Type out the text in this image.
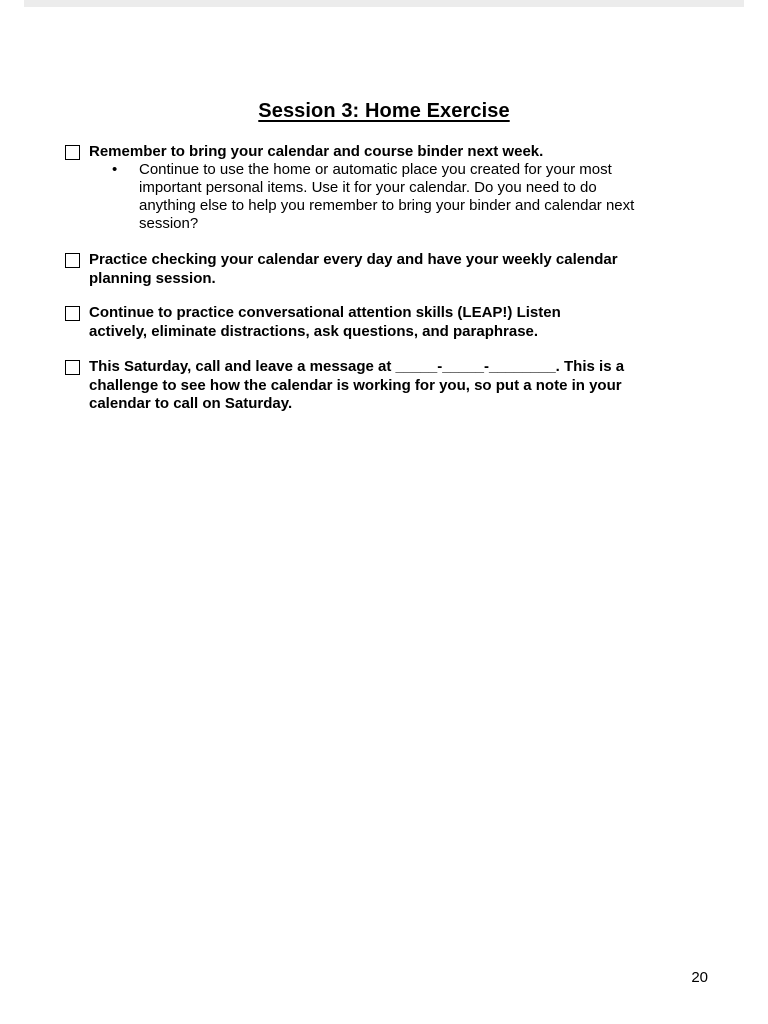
Session 3: Home Exercise
Remember to bring your calendar and course binder next week.
• Continue to use the home or automatic place you created for your most
important personal items. Use it for your calendar. Do you need to do
anything else to help you remember to bring your binder and calendar next
session?
Practice checking your calendar every day and have your weekly calendar
planning session.
Continue to practice conversational attention skills (LEAP!) Listen
actively, eliminate distractions, ask questions, and paraphrase.
This Saturday, call and leave a message at _____-_____-________. This is a
challenge to see how the calendar is working for you, so put a note in your
calendar to call on Saturday.
20
